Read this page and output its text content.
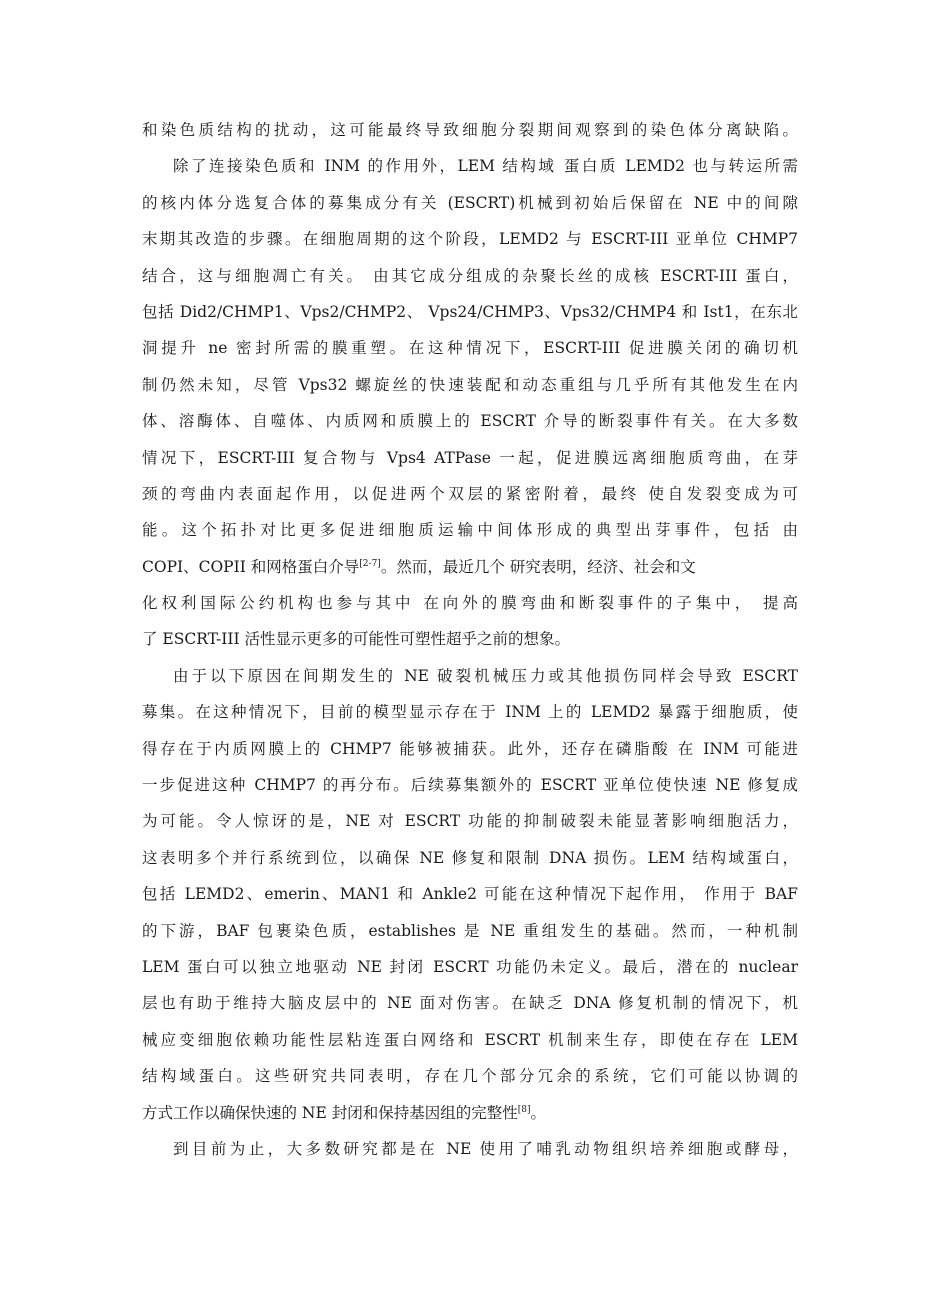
和染色质结构的扰动，这可能最终导致细胞分裂期间观察到的染色体分离缺陷。
除了连接染色质和 INM 的作用外，LEM 结构域 蛋白质 LEMD2 也与转运所需
的核内体分选复合体的募集成分有关 (ESCRT)机械到初始后保留在 NE 中的间隙
末期其改造的步骤。在细胞周期的这个阶段，LEMD2 与 ESCRT-III 亚单位 CHMP7
结合，这与细胞凋亡有关。 由其它成分组成的杂聚长丝的成核 ESCRT-III 蛋白，
包括 Did2/CHMP1、Vps2/CHMP2、 Vps24/CHMP3、Vps32/CHMP4 和 Ist1，在东北
洞提升 ne 密封所需的膜重塑。在这种情况下，ESCRT-III 促进膜关闭的确切机
制仍然未知，尽管 Vps32 螺旋丝的快速装配和动态重组与几乎所有其他发生在内
体、溶酶体、自噬体、内质网和质膜上的 ESCRT 介导的断裂事件有关。在大多数
情况下，ESCRT-III 复合物与 Vps4 ATPase 一起，促进膜远离细胞质弯曲，在芽
颈的弯曲内表面起作用，以促进两个双层的紧密附着，最终 使自发裂变成为可
能。这个拓扑对比更多促进细胞质运输中间体形成的典型出芽事件，包括 由
COPI、COPII 和网格蛋白介导[2-7]。然而，最近几个 研究表明，经济、社会和文
化权利国际公约机构也参与其中 在向外的膜弯曲和断裂事件的子集中， 提高
了 ESCRT-III 活性显示更多的可能性可塑性超乎之前的想象。
由于以下原因在间期发生的 NE 破裂机械压力或其他损伤同样会导致 ESCRT
募集。在这种情况下，目前的模型显示存在于 INM 上的 LEMD2 暴露于细胞质，使
得存在于内质网膜上的 CHMP7 能够被捕获。此外，还存在磷脂酸 在 INM 可能进
一步促进这种 CHMP7 的再分布。后续募集额外的 ESCRT 亚单位使快速 NE 修复成
为可能。令人惊讶的是，NE 对 ESCRT 功能的抑制破裂未能显著影响细胞活力，
这表明多个并行系统到位，以确保 NE 修复和限制 DNA 损伤。LEM 结构域蛋白，
包括 LEMD2、emerin、MAN1 和 Ankle2 可能在这种情况下起作用， 作用于 BAF
的下游，BAF 包裹染色质，establishes 是 NE 重组发生的基础。然而，一种机制
LEM 蛋白可以独立地驱动 NE 封闭 ESCRT 功能仍未定义。最后，潜在的 nuclear
层也有助于维持大脑皮层中的 NE 面对伤害。在缺乏 DNA 修复机制的情况下，机
械应变细胞依赖功能性层粘连蛋白网络和 ESCRT 机制来生存，即使在存在 LEM
结构域蛋白。这些研究共同表明，存在几个部分冗余的系统，它们可能以协调的
方式工作以确保快速的 NE 封闭和保持基因组的完整性[8]。
到目前为止，大多数研究都是在 NE 使用了哺乳动物组织培养细胞或酵母，
